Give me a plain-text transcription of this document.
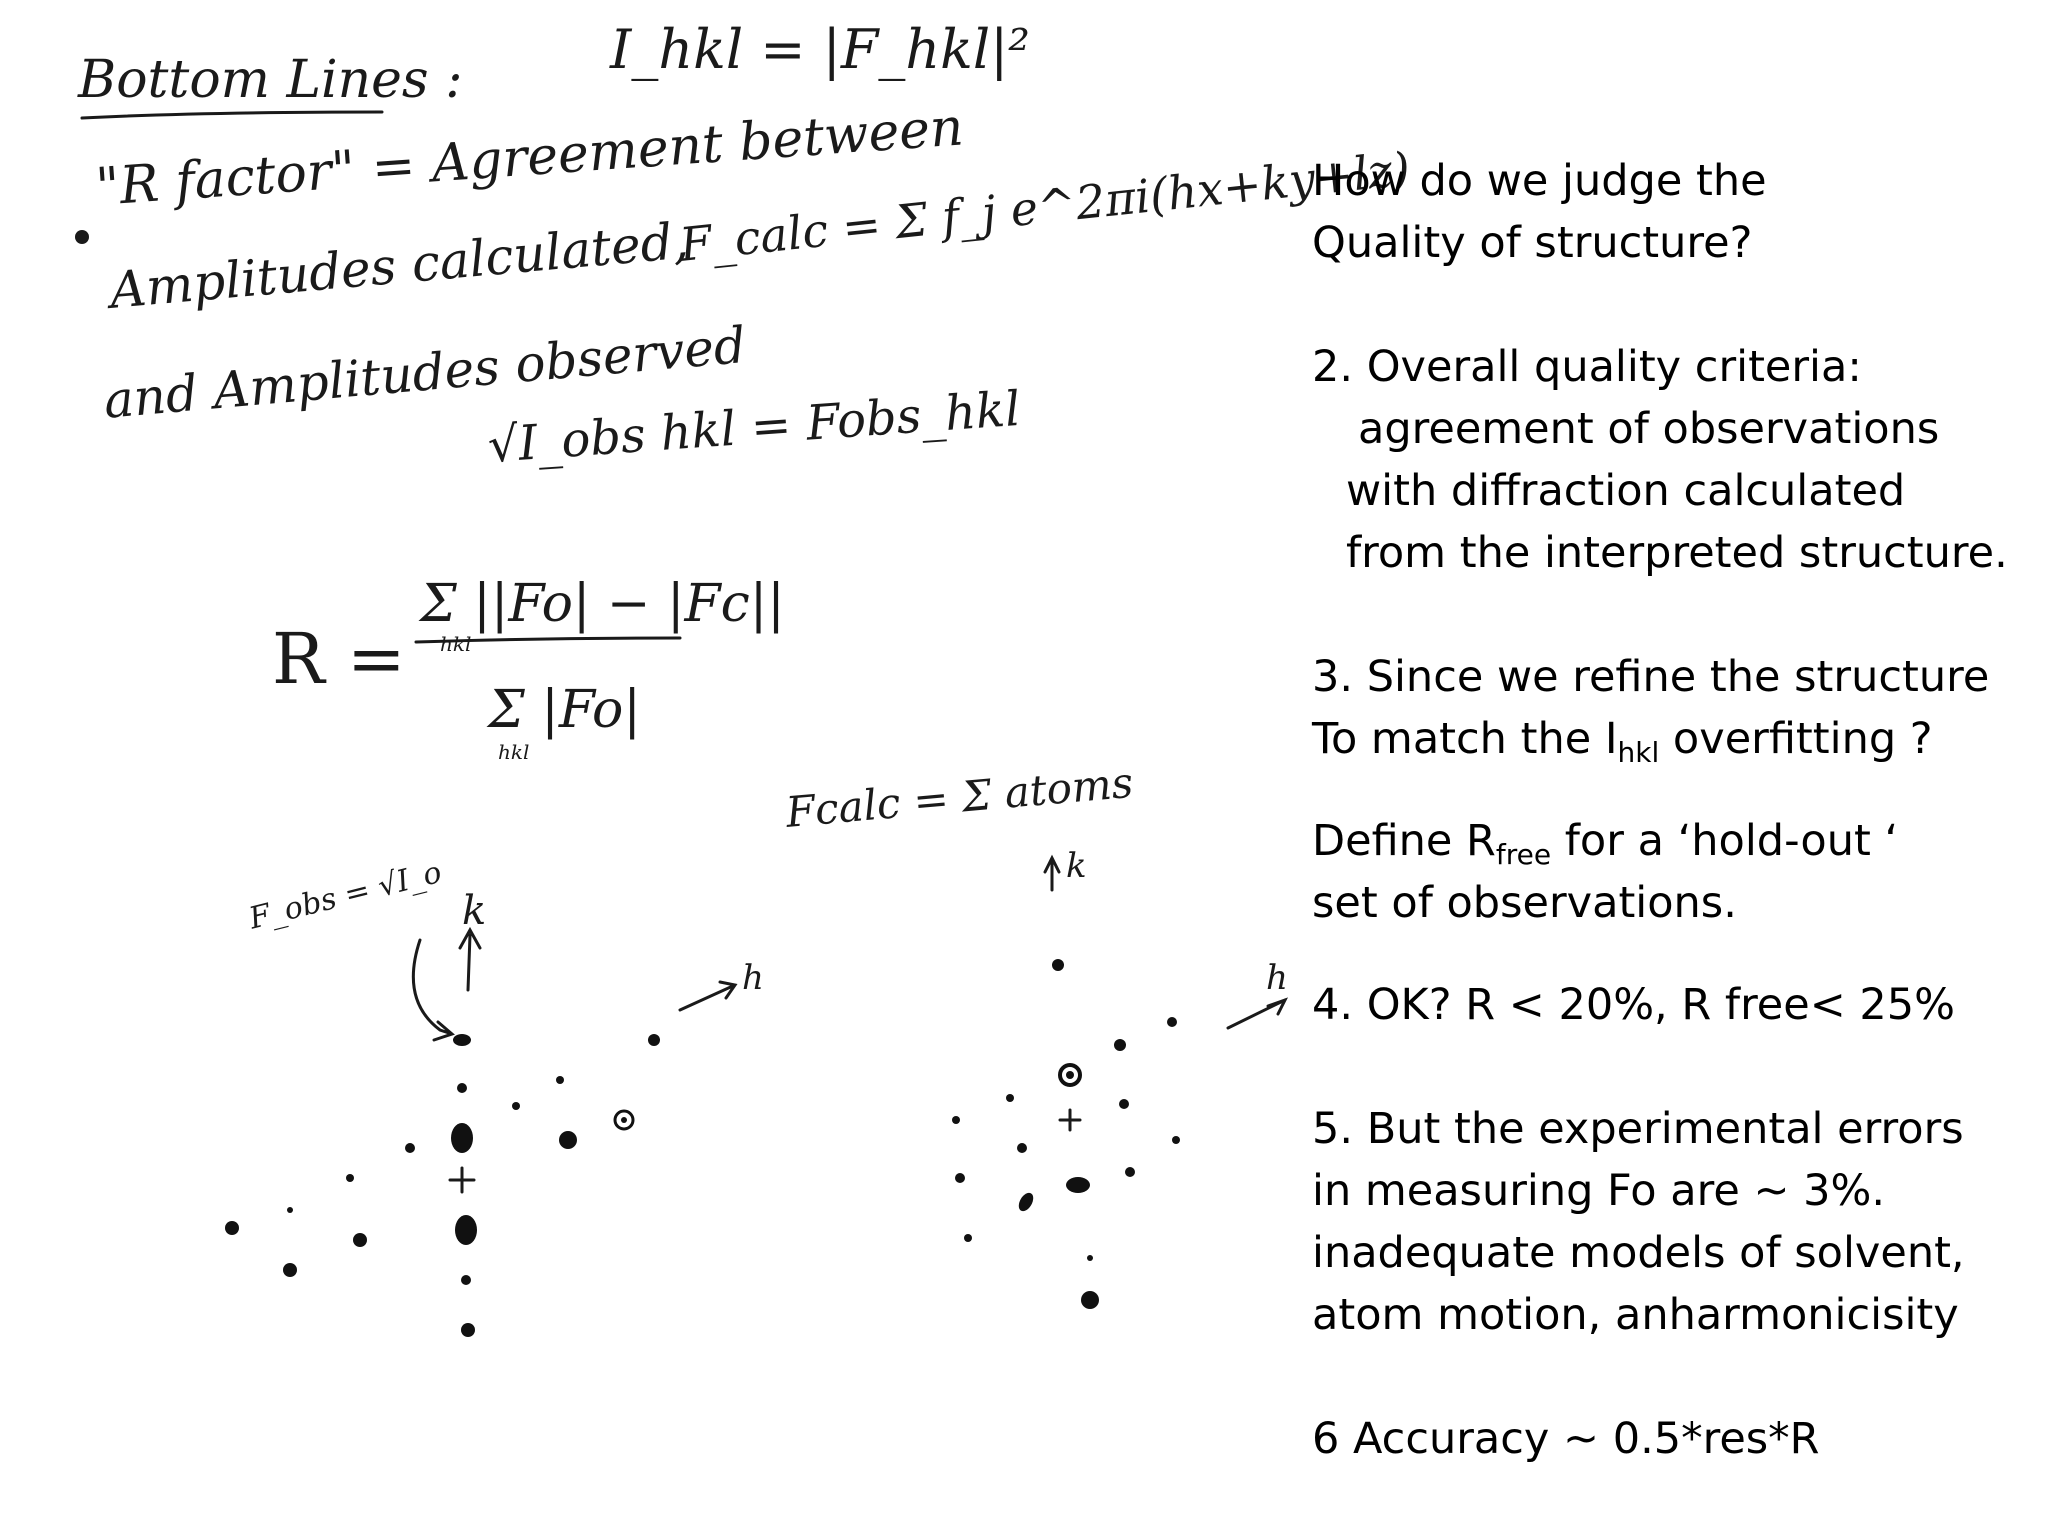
Bottom Lines :	I_hkl = |F_hkl|²
"R factor" = Agreement between
Amplitudes calculated,
F_calc = Σ f_j e^2πi(hx+ky+lz)
and Amplitudes observed
√I_obs hkl = Fobs_hkl
R =
Σ ||Fo| − |Fc||
hkl
Σ |Fo|
hkl
F_obs = √I_o k
h
Fcalc = Σ atoms
k
h

How do we judge the

Quality of structure?

2. Overall quality criteria:

agreement of observations

with diffraction calculated

from the interpreted structure.

3. Since we refine the structure

To match the $I_{hkl}$ overfitting ?

Define $R_{free}$ for a ‘hold-out ‘

set of observations.

4. OK? R < 20%, R free< 25%

5. But the experimental errors

in measuring Fo are ~ 3%.

inadequate models of solvent,

atom motion, anharmonicisity

6 Accuracy ~ 0.5*res*R
